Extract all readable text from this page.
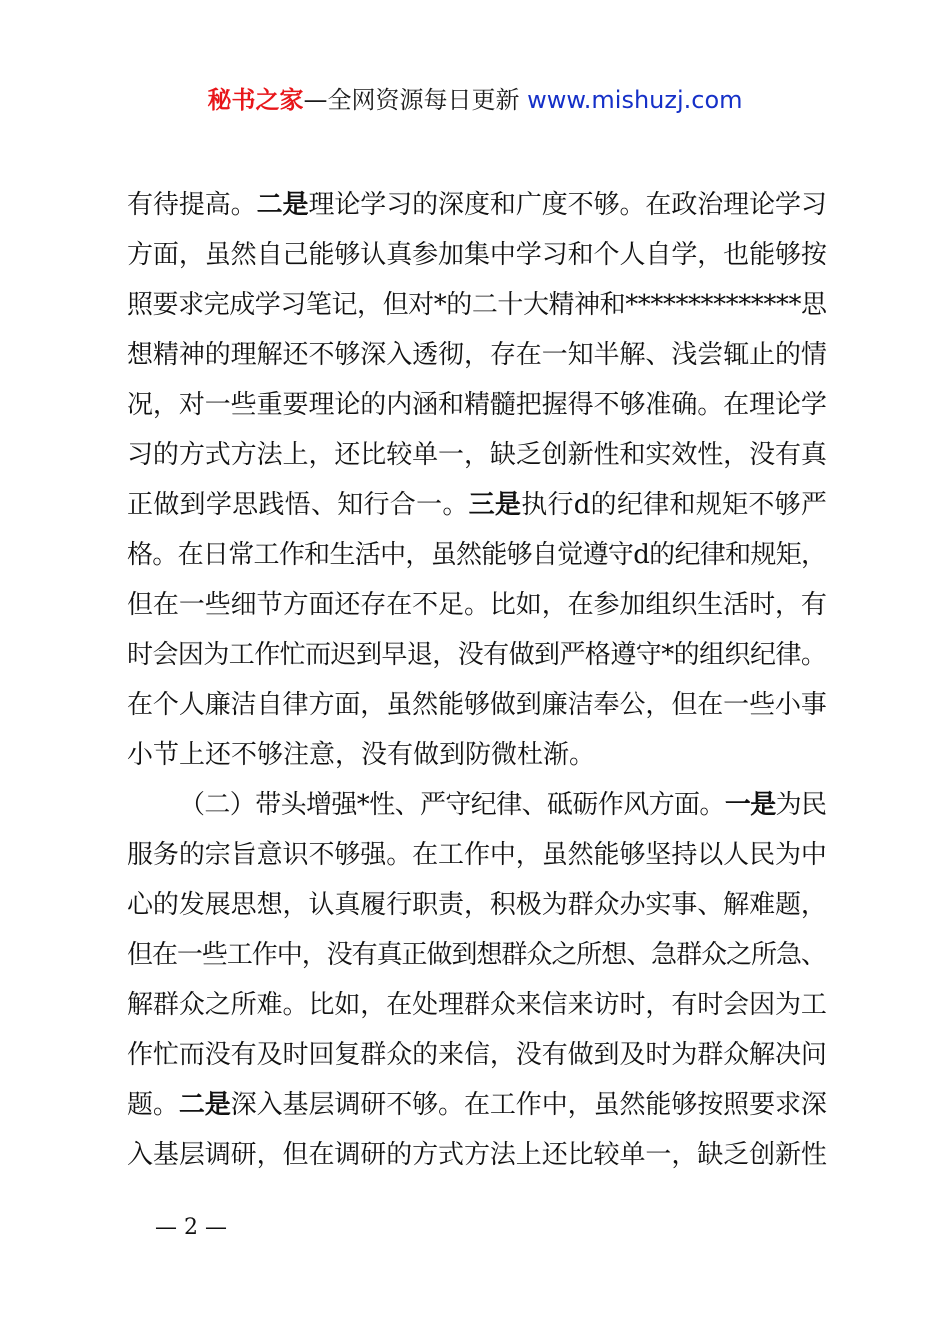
秘书之家—全网资源每日更新 www.mishuzj.com
有待提高。二是理论学习的深度和广度不够。在政治理论学习
方面，虽然自己能够认真参加集中学习和个人自学，也能够按
照要求完成学习笔记，但对*的二十大精神和**************思
想精神的理解还不够深入透彻，存在一知半解、浅尝辄止的情
况，对一些重要理论的内涵和精髓把握得不够准确。在理论学
习的方式方法上，还比较单一，缺乏创新性和实效性，没有真
正做到学思践悟、知行合一。三是执行d的纪律和规矩不够严
格。在日常工作和生活中，虽然能够自觉遵守d的纪律和规矩，
但在一些细节方面还存在不足。比如，在参加组织生活时，有
时会因为工作忙而迟到早退，没有做到严格遵守*的组织纪律。
在个人廉洁自律方面，虽然能够做到廉洁奉公，但在一些小事
小节上还不够注意，没有做到防微杜渐。
（二）带头增强*性、严守纪律、砥砺作风方面。一是为民
服务的宗旨意识不够强。在工作中，虽然能够坚持以人民为中
心的发展思想，认真履行职责，积极为群众办实事、解难题，
但在一些工作中，没有真正做到想群众之所想、急群众之所急、
解群众之所难。比如，在处理群众来信来访时，有时会因为工
作忙而没有及时回复群众的来信，没有做到及时为群众解决问
题。二是深入基层调研不够。在工作中，虽然能够按照要求深
入基层调研，但在调研的方式方法上还比较单一，缺乏创新性
— 2 —
